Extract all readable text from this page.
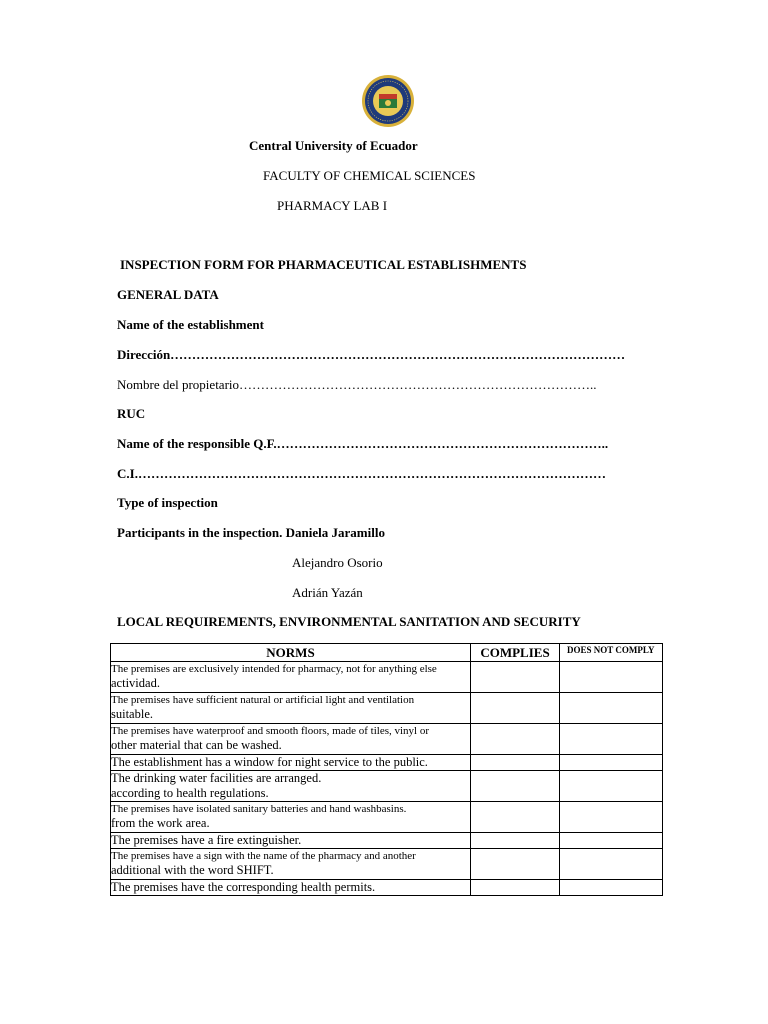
Central University of Ecuador
FACULTY OF CHEMICAL SCIENCES
PHARMACY LAB I
INSPECTION FORM FOR PHARMACEUTICAL ESTABLISHMENTS
GENERAL DATA
Name of the establishment
Dirección……………………………………………………………………………………………
Nombre del propietario………………………………………………………………………..
RUC
Name of the responsible Q.F.…………………………………………………………………..
C.I.………………………………………………………………………………………………
Type of inspection
Participants in the inspection. Daniela Jaramillo
Alejandro Osorio
Adrián Yazán
LOCAL REQUIREMENTS, ENVIRONMENTAL SANITATION AND SECURITY
NORMS	COMPLIES	DOES NOT COMPLY

The premises are exclusively intended for pharmacy, not for anything else
actividad.		

The premises have sufficient natural or artificial light and ventilation
suitable.		

The premises have waterproof and smooth floors, made of tiles, vinyl or
other material that can be washed.		

The establishment has a window for night service to the public.		

The drinking water facilities are arranged.
according to health regulations.		

The premises have isolated sanitary batteries and hand washbasins.
from the work area.		

The premises have a fire extinguisher.		

The premises have a sign with the name of the pharmacy and another
additional with the word SHIFT.		

The premises have the corresponding health permits.		
